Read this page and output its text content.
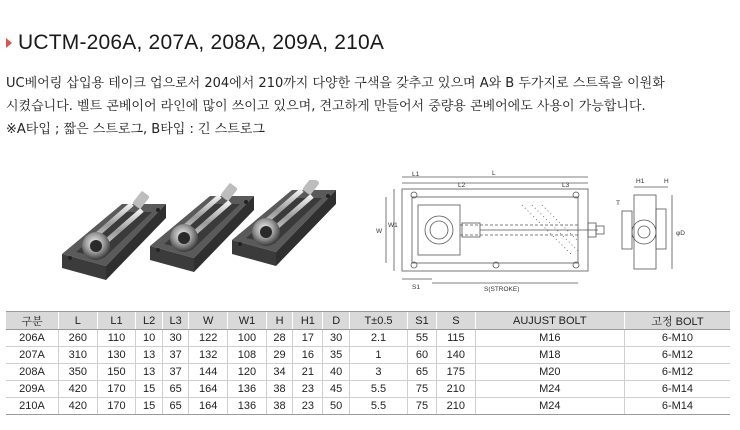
UCTM-206A, 207A, 208A, 209A, 210A

UC베어링 삽입용 테이크 업으로서 204에서 210까지 다양한 구색을 갖추고 있으며 A와 B 두가지로 스트록을 이원화

시켰습니다. 벨트 콘베이어 라인에 많이 쓰이고 있으며, 견고하게 만들어서 중량용 콘베어에도 사용이 가능합니다.

※A타입 ; 짧은 스트로그, B타입 : 긴 스트로그

L1
L2
L
L3
W
W1
S1	S(STROKE)
H1	H
T
φD
구분	L	L1	L2	L3	W	W1	H	H1	D	T±0.5	S1	S	AUJUST BOLT	고정 BOLT
206A	260	110	10	30	122	100	28	17	30	2.1	55	115	M16	6-M10
207A	310	130	13	37	132	108	29	16	35	1	60	140	M18	6-M12
208A	350	150	13	37	144	120	34	21	40	3	65	175	M20	6-M12
209A	420	170	15	65	164	136	38	23	45	5.5	75	210	M24	6-M14
210A	420	170	15	65	164	136	38	23	50	5.5	75	210	M24	6-M14
